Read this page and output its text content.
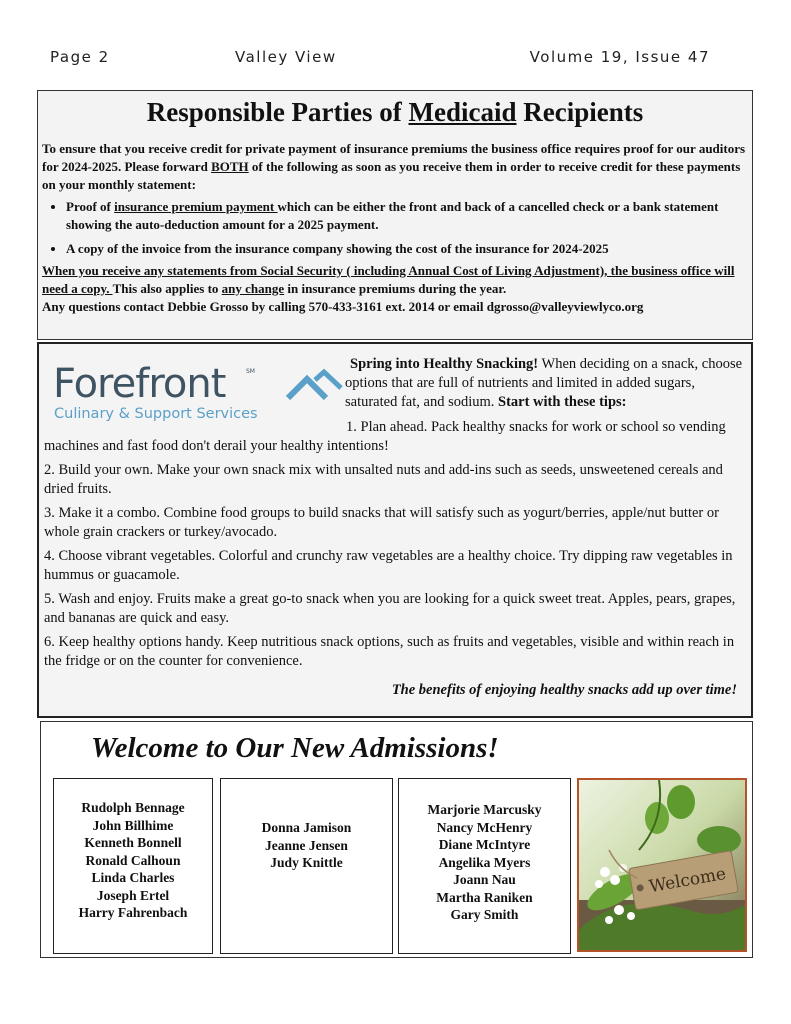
Page 2	Valley View	Volume 19, Issue 47
Responsible Parties of Medicaid Recipients

To ensure that you receive credit for private payment of insurance premiums the business office requires proof for our auditors for 2024-2025. Please forward BOTH of the following as soon as you receive them in order to receive credit for these payments on your monthly statement:

• Proof of insurance premium payment which can be either the front and back of a cancelled check or a bank statement showing the auto-deduction amount for a 2025 payment.
• A copy of the invoice from the insurance company showing the cost of the insurance for 2024-2025

When you receive any statements from Social Security ( including Annual Cost of Living Adjustment), the business office will need a copy. This also applies to any change in insurance premiums during the year.

Any questions contact Debbie Grosso by calling 570-433-3161 ext. 2014 or email dgrosso@valleyviewlyco.org

Forefront	SM
Culinary & Support Services
Spring into Healthy Snacking! When deciding on a snack, choose options that are full of nutrients and limited in added sugars, saturated fat, and sodium. Start with these tips:

1. Plan ahead. Pack healthy snacks for work or school so vending machines and fast food don't derail your healthy intentions!

2. Build your own. Make your own snack mix with unsalted nuts and add-ins such as seeds, unsweetened cereals and dried fruits.

3. Make it a combo. Combine food groups to build snacks that will satisfy such as yogurt/berries, apple/nut butter or whole grain crackers or turkey/avocado.

4. Choose vibrant vegetables. Colorful and crunchy raw vegetables are a healthy choice. Try dipping raw vegetables in hummus or guacamole.

5. Wash and enjoy. Fruits make a great go-to snack when you are looking for a quick sweet treat. Apples, pears, grapes, and bananas are quick and easy.

6. Keep healthy options handy. Keep nutritious snack options, such as fruits and vegetables, visible and within reach in the fridge or on the counter for convenience.

The benefits of enjoying healthy snacks add up over time!
Welcome to Our New Admissions!
Rudolph Bennage
John Billhime
Kenneth Bonnell
Ronald Calhoun
Linda Charles
Joseph Ertel
Harry Fahrenbach
Donna Jamison
Jeanne Jensen
Judy Knittle
Marjorie Marcusky
Nancy McHenry
Diane McIntyre
Angelika Myers
Joann Nau
Martha Raniken
Gary Smith
Welcome
